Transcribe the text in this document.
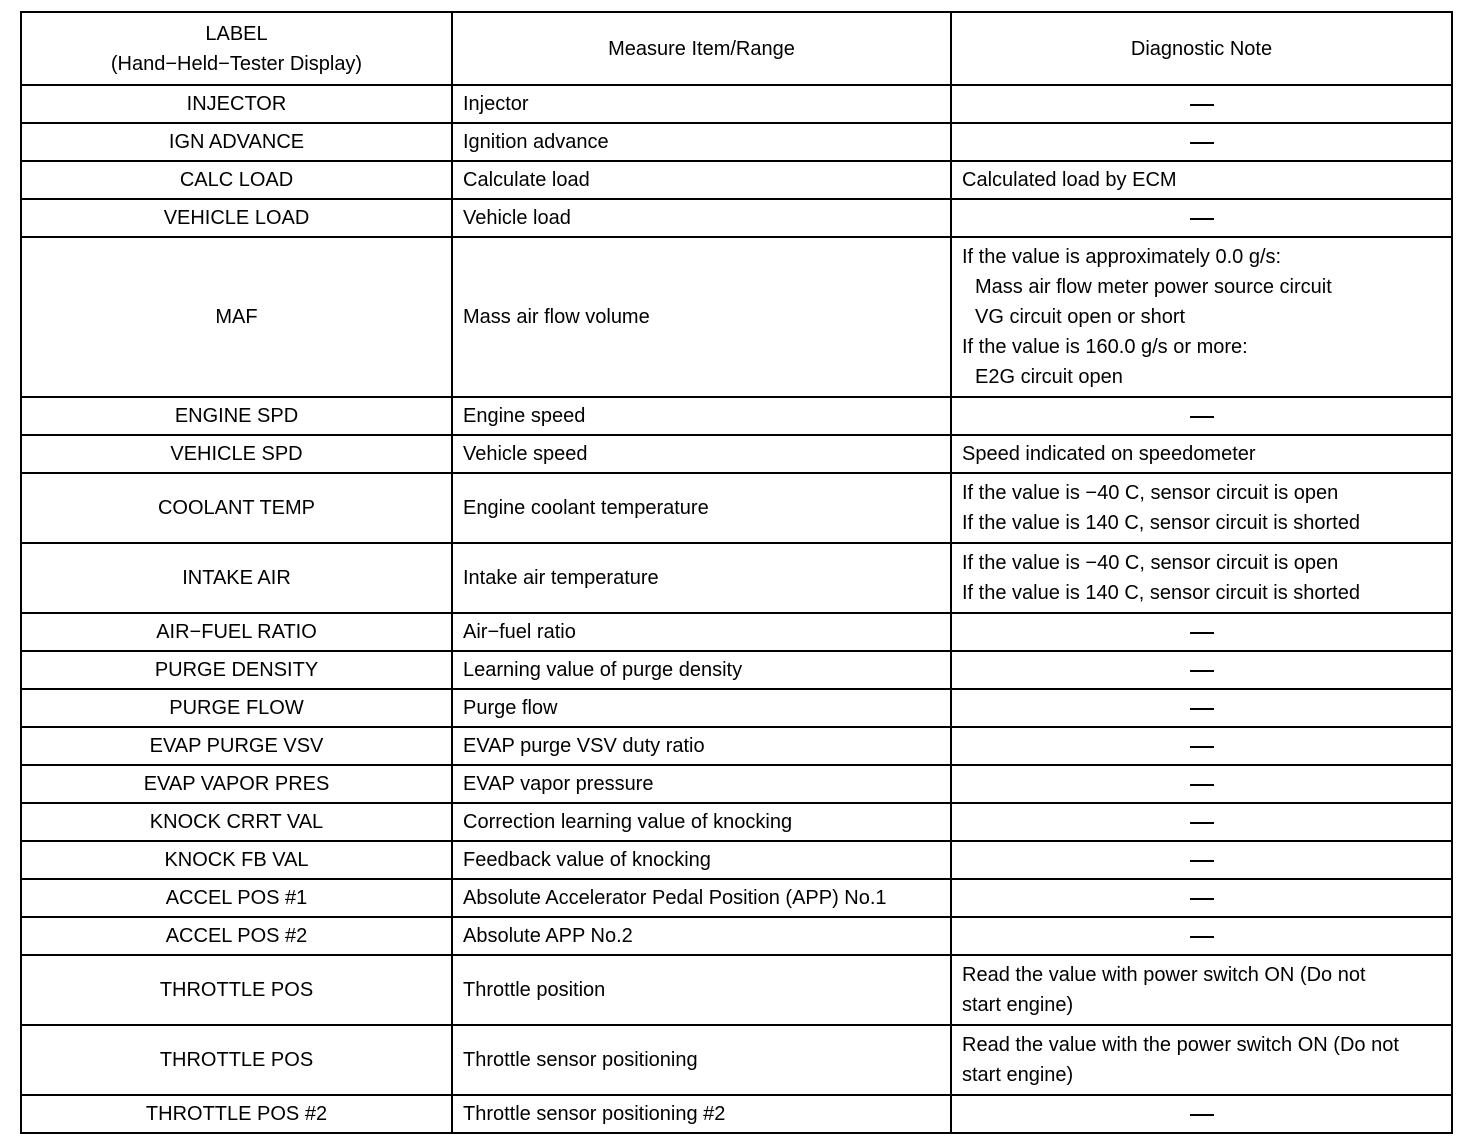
LABEL
(Hand−Held−Tester Display)	Measure Item/Range	Diagnostic Note
INJECTOR	Injector	
IGN ADVANCE	Ignition advance	
CALC LOAD	Calculate load	Calculated load by ECM

VEHICLE LOAD	Vehicle load	
MAF	Mass air flow volume	If the value is approximately 0.0 g/s:
Mass air flow meter power source circuit
VG circuit open or short
If the value is 160.0 g/s or more:
E2G circuit open

ENGINE SPD	Engine speed	
VEHICLE SPD	Vehicle speed	Speed indicated on speedometer

COOLANT TEMP	Engine coolant temperature	If the value is −40 C, sensor circuit is open
If the value is 140 C, sensor circuit is shorted

INTAKE AIR	Intake air temperature	If the value is −40 C, sensor circuit is open
If the value is 140 C, sensor circuit is shorted

AIR−FUEL RATIO	Air−fuel ratio	
PURGE DENSITY	Learning value of purge density	
PURGE FLOW	Purge flow	
EVAP PURGE VSV	EVAP purge VSV duty ratio	
EVAP VAPOR PRES	EVAP vapor pressure	
KNOCK CRRT VAL	Correction learning value of knocking	
KNOCK FB VAL	Feedback value of knocking	
ACCEL POS #1	Absolute Accelerator Pedal Position (APP) No.1	
ACCEL POS #2	Absolute APP No.2	
THROTTLE POS	Throttle position	Read the value with power switch ON (Do not
start engine)

THROTTLE POS	Throttle sensor positioning	Read the value with the power switch ON (Do not
start engine)

THROTTLE POS #2	Throttle sensor positioning #2	
